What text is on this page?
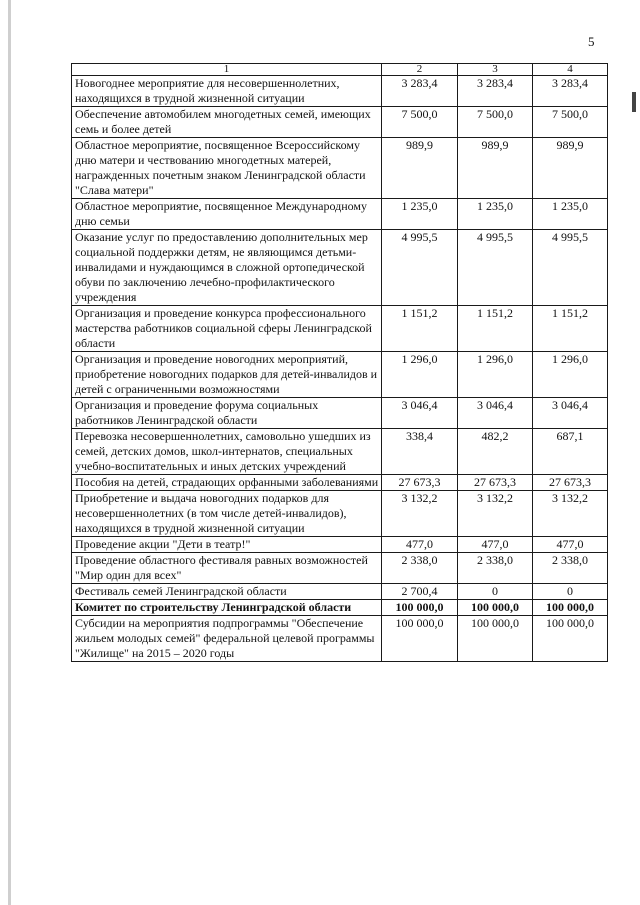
5
1	2	3	4
Новогоднее мероприятие для несовершеннолетних, находящихся в трудной жизненной ситуации	3 283,4	3 283,4	3 283,4
Обеспечение автомобилем многодетных семей, имеющих семь и более детей	7 500,0	7 500,0	7 500,0
Областное мероприятие, посвященное Всероссийскому дню матери и чествованию многодетных матерей, награжденных почетным знаком Ленинградской области "Слава матери"	989,9	989,9	989,9
Областное мероприятие, посвященное Международному дню семьи	1 235,0	1 235,0	1 235,0
Оказание услуг по предоставлению дополнительных мер социальной поддержки детям, не являющимся детьми-инвалидами и нуждающимся в сложной ортопедической обуви по заключению лечебно-профилактического учреждения	4 995,5	4 995,5	4 995,5
Организация и проведение конкурса профессионального мастерства работников социальной сферы Ленинградской области	1 151,2	1 151,2	1 151,2
Организация и проведение новогодних мероприятий, приобретение новогодних подарков для детей-инвалидов и детей с ограниченными возможностями	1 296,0	1 296,0	1 296,0
Организация и проведение форума социальных работников Ленинградской области	3 046,4	3 046,4	3 046,4
Перевозка несовершеннолетних, самовольно ушедших из семей, детских домов, школ-интернатов, специальных учебно-воспитательных и иных детских учреждений	338,4	482,2	687,1
Пособия на детей, страдающих орфанными заболеваниями	27 673,3	27 673,3	27 673,3
Приобретение и выдача новогодних подарков для несовершеннолетних (в том числе детей-инвалидов), находящихся в трудной жизненной ситуации	3 132,2	3 132,2	3 132,2
Проведение акции "Дети в театр!"	477,0	477,0	477,0
Проведение областного фестиваля равных возможностей "Мир один для всех"	2 338,0	2 338,0	2 338,0
Фестиваль семей Ленинградской области	2 700,4	0	0
Комитет по строительству Ленинградской области	100 000,0	100 000,0	100 000,0
Субсидии на мероприятия подпрограммы "Обеспечение жильем молодых семей" федеральной целевой программы "Жилище" на 2015 – 2020 годы	100 000,0	100 000,0	100 000,0
